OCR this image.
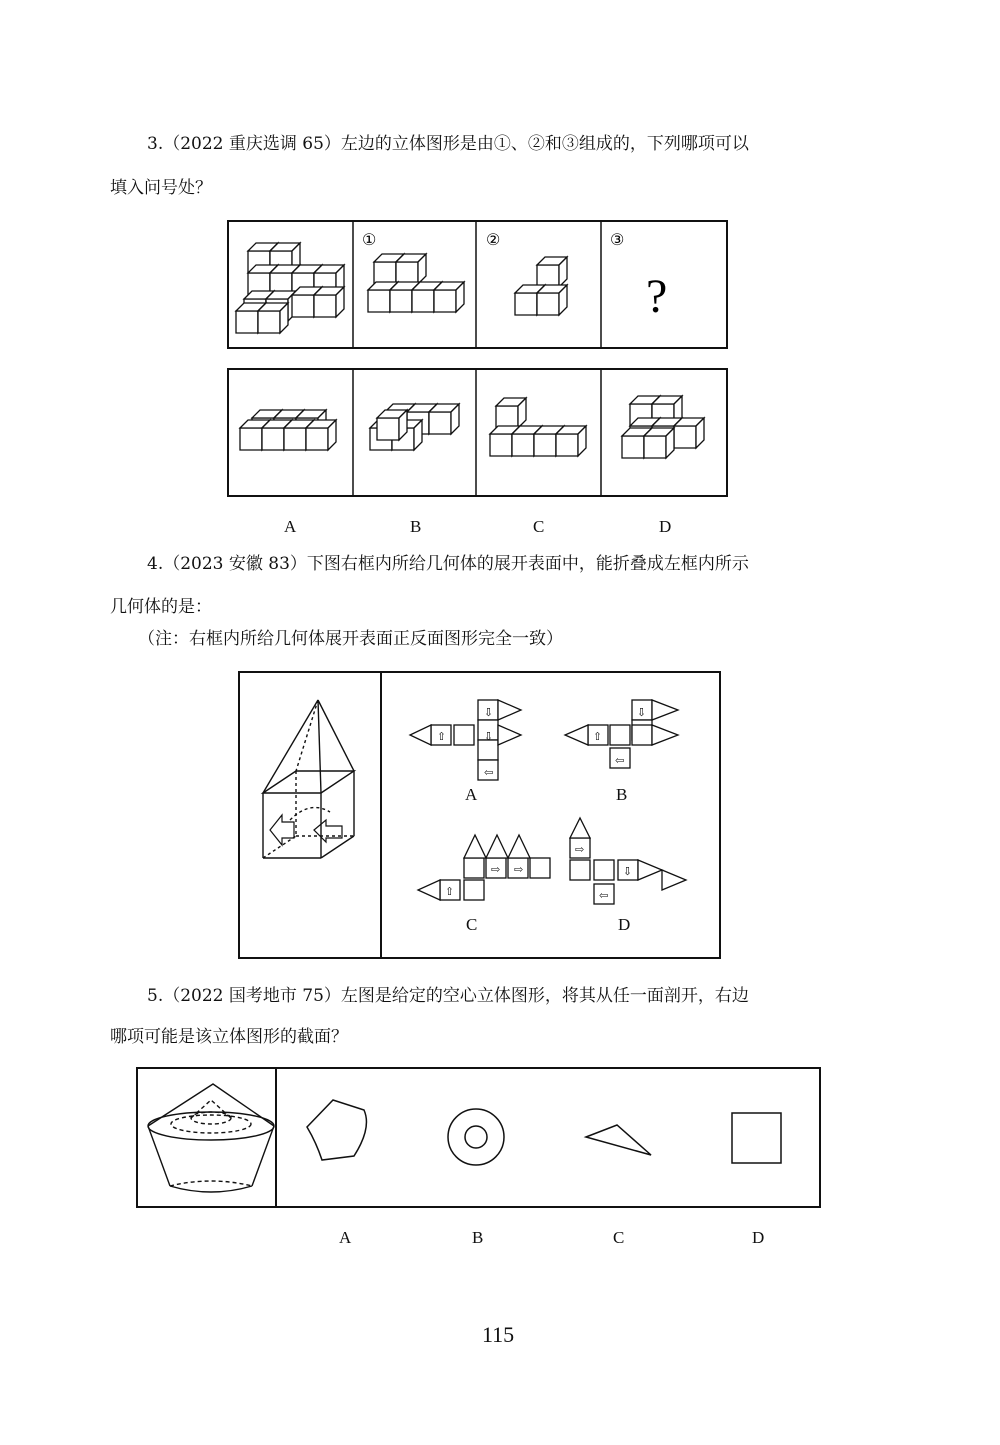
3.（2022 重庆选调 65）左边的立体图形是由①、②和③组成的，下列哪项可以
填入问号处？
4.（2023 安徽 83）下图右框内所给几何体的展开表面中，能折叠成左框内所示
几何体的是：
（注：右框内所给几何体展开表面正反面图形完全一致）
5.（2022 国考地市 75）左图是给定的空心立体图形，将其从任一面剖开，右边
哪项可能是该立体图形的截面？
①	②	③
?
⇧
⇩
⇩
⇦
⇧
⇩
⇦
⇧
⇨ ⇨
⇨
⇩
⇦
A	B	C	D
A	B
C	D
A	B	C	D
115
